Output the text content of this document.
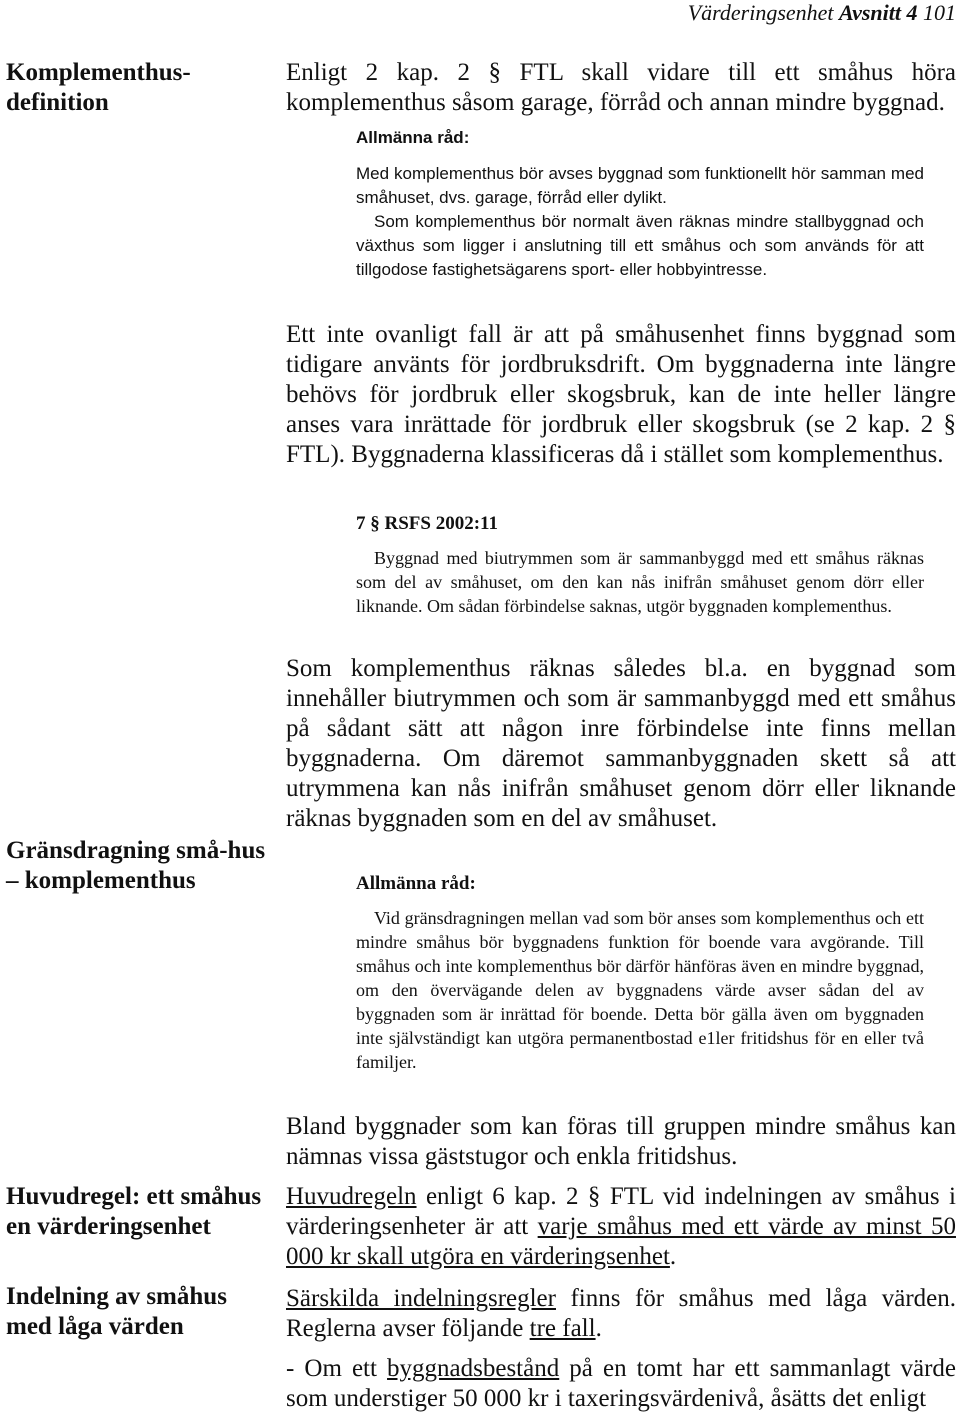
Värderingsenhet Avsnitt 4 101
Komplementhus-definition
Gränsdragning små-hus – komplementhus
Huvudregel: ett småhus en värderingsenhet
Indelning av småhus med låga värden
Enligt 2 kap. 2 § FTL skall vidare till ett småhus höra komplementhus såsom garage, förråd och annan mindre byggnad.
Allmänna råd:
Med komplementhus bör avses byggnad som funktionellt hör samman med småhuset, dvs. garage, förråd eller dylikt.
Som komplementhus bör normalt även räknas mindre stallbyggnad och växthus som ligger i anslutning till ett småhus och som används för att tillgodose fastighetsägarens sport- eller hobbyintresse.
Ett inte ovanligt fall är att på småhusenhet finns byggnad som tidigare använts för jordbruksdrift. Om byggnaderna inte längre behövs för jordbruk eller skogsbruk, kan de inte heller längre anses vara inrättade för jordbruk eller skogsbruk (se 2 kap. 2 § FTL). Byggnaderna klassificeras då i stället som komplementhus.
7 § RSFS 2002:11
Byggnad med biutrymmen som är sammanbyggd med ett småhus räknas som del av småhuset, om den kan nås inifrån småhuset genom dörr eller liknande. Om sådan förbindelse saknas, utgör byggnaden komplementhus.
Som komplementhus räknas således bl.a. en byggnad som innehåller biutrymmen och som är sammanbyggd med ett småhus på sådant sätt att någon inre förbindelse inte finns mellan byggnaderna. Om däremot sammanbyggnaden skett så att utrymmena kan nås inifrån småhuset genom dörr eller liknande räknas byggnaden som en del av småhuset.
Allmänna råd:
Vid gränsdragningen mellan vad som bör anses som komplementhus och ett mindre småhus bör byggnadens funktion för boende vara avgörande. Till småhus och inte komplementhus bör därför hänföras även en mindre byggnad, om den övervägande delen av byggnadens värde avser sådan del av byggnaden som är inrättad för boende. Detta bör gälla även om byggnaden inte självständigt kan utgöra permanentbostad e1ler fritidshus för en eller två familjer.
Bland byggnader som kan föras till gruppen mindre småhus kan nämnas vissa gäststugor och enkla fritidshus.
Huvudregeln enligt 6 kap. 2 § FTL vid indelningen av småhus i värderingsenheter är att varje småhus med ett värde av minst 50 000 kr skall utgöra en värderingsenhet.
Särskilda indelningsregler finns för småhus med låga värden. Reglerna avser följande tre fall.
- Om ett byggnadsbestånd på en tomt har ett sammanlagt värde som understiger 50 000 kr i taxeringsvärdenivå, åsätts det enligt
